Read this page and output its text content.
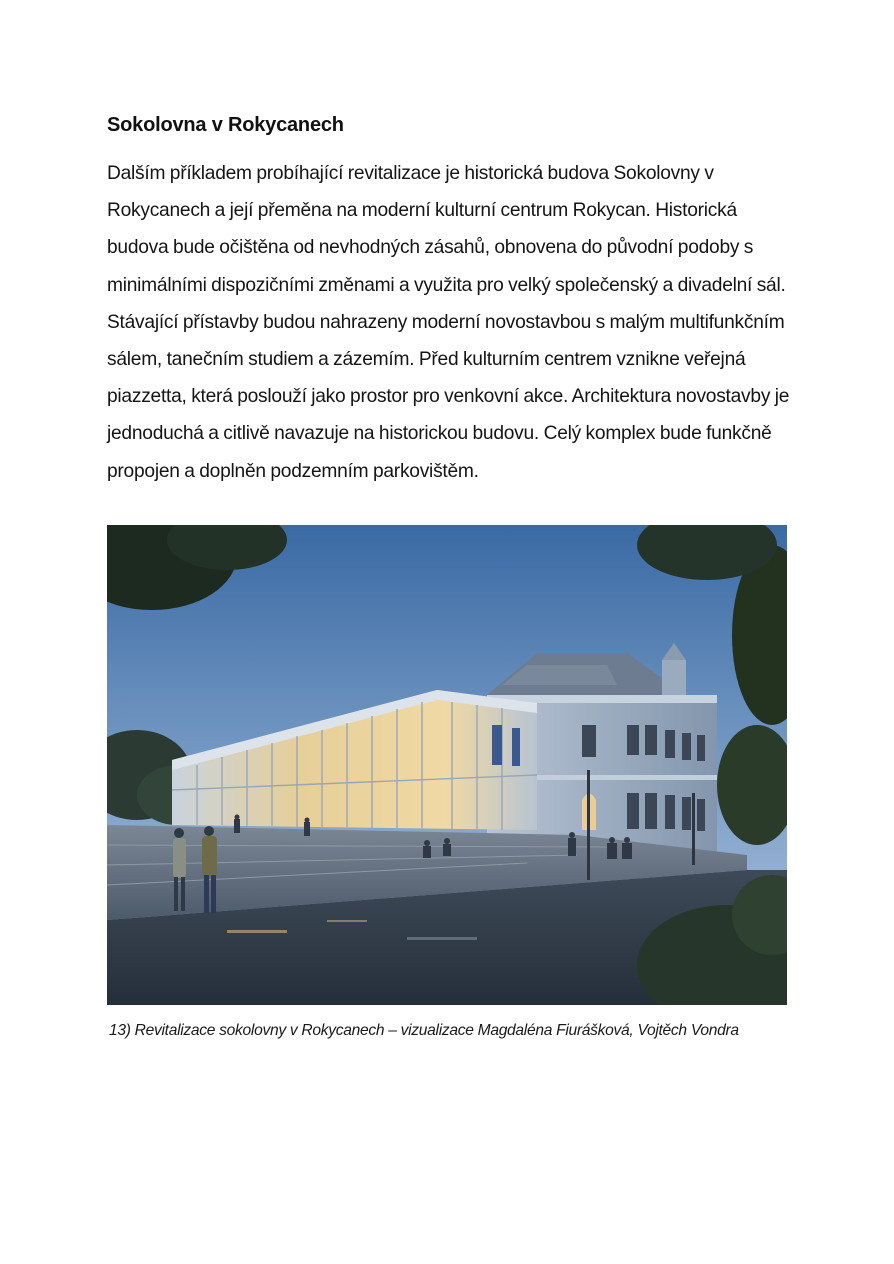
Sokolovna v Rokycanech

Dalším příkladem probíhající revitalizace je historická budova Sokolovny v Rokycanech a její přeměna na moderní kulturní centrum Rokycan. Historická budova bude očištěna od nevhodných zásahů, obnovena do původní podoby s minimálními dispozičními změnami a využita pro velký společenský a divadelní sál. Stávající přístavby budou nahrazeny moderní novostavbou s malým multifunkčním sálem, tanečním studiem a zázemím. Před kulturním centrem vznikne veřejná piazzetta, která poslouží jako prostor pro venkovní akce. Architektura novostavby je jednoduchá a citlivě navazuje na historickou budovu. Celý komplex bude funkčně propojen a doplněn podzemním parkovištěm.

13) Revitalizace sokolovny v Rokycanech – vizualizace Magdaléna Fiurášková, Vojtěch Vondra
